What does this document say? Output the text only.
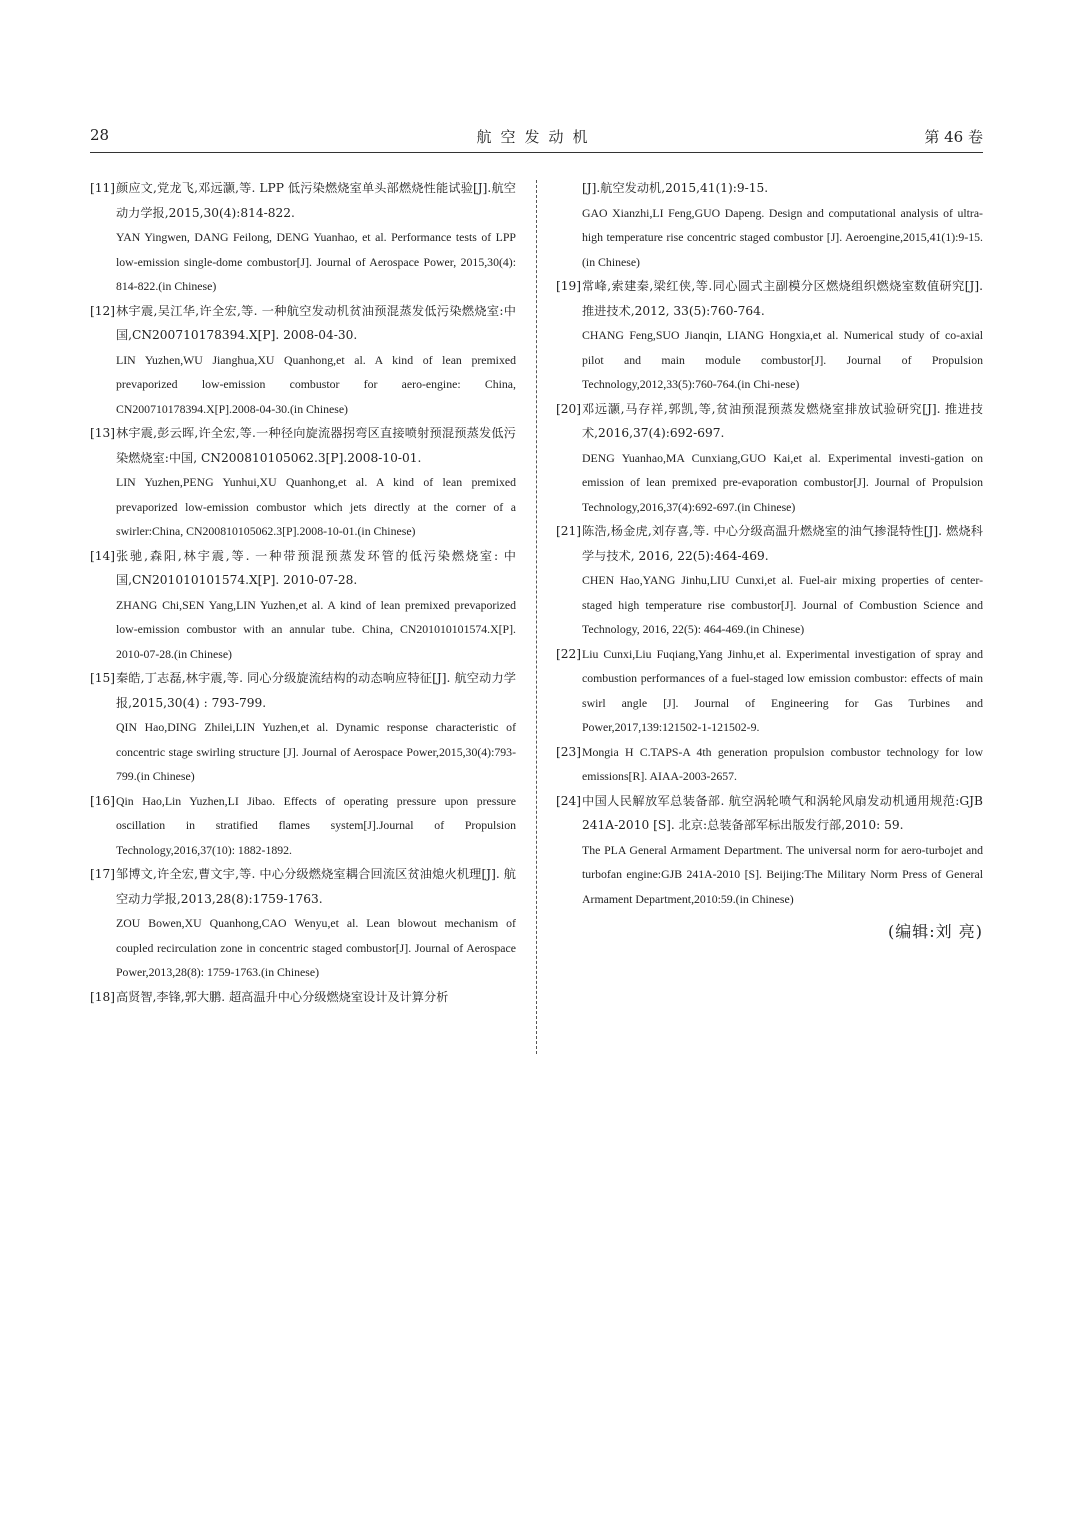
28	航空发动机	第 46 卷
[11] 颜应文,党龙飞,邓远灏,等. LPP 低污染燃烧室单头部燃烧性能试验[J].航空动力学报,2015,30(4):814-822.
YAN Yingwen, DANG Feilong, DENG Yuanhao, et al. Performance tests of LPP low-emission single-dome combustor[J]. Journal of Aerospace Power, 2015,30(4): 814-822.(in Chinese)
[12] 林宇震,吴江华,许全宏,等. 一种航空发动机贫油预混蒸发低污染燃烧室:中国,CN200710178394.X[P]. 2008-04-30.
LIN Yuzhen,WU Jianghua,XU Quanhong,et al. A kind of lean premixed prevaporized low-emission combustor for aero-engine: China, CN200710178394.X[P].2008-04-30.(in Chinese)
[13] 林宇震,彭云晖,许全宏,等.一种径向旋流器拐弯区直接喷射预混预蒸发低污染燃烧室:中国, CN200810105062.3[P].2008-10-01.
LIN Yuzhen,PENG Yunhui,XU Quanhong,et al. A kind of lean premixed prevaporized low-emission combustor which jets directly at the corner of a swirler:China, CN200810105062.3[P].2008-10-01.(in Chinese)
[14] 张驰,森阳,林宇震,等. 一种带预混预蒸发环管的低污染燃烧室: 中国,CN201010101574.X[P]. 2010-07-28.
ZHANG Chi,SEN Yang,LIN Yuzhen,et al. A kind of lean premixed prevaporized low-emission combustor with an annular tube. China, CN201010101574.X[P]. 2010-07-28.(in Chinese)
[15] 秦皓,丁志磊,林宇震,等. 同心分级旋流结构的动态响应特征[J]. 航空动力学报,2015,30(4) : 793-799.
QIN Hao,DING Zhilei,LIN Yuzhen,et al. Dynamic response characteristic of concentric stage swirling structure [J]. Journal of Aerospace Power,2015,30(4):793-799.(in Chinese)
[16] Qin Hao,Lin Yuzhen,LI Jibao. Effects of operating pressure upon pressure oscillation in stratified flames system[J].Journal of Propulsion Technology,2016,37(10): 1882-1892.
[17] 邹博文,许全宏,曹文宇,等. 中心分级燃烧室耦合回流区贫油熄火机理[J]. 航空动力学报,2013,28(8):1759-1763.
ZOU Bowen,XU Quanhong,CAO Wenyu,et al. Lean blowout mechanism of coupled recirculation zone in concentric staged combustor[J]. Journal of Aerospace Power,2013,28(8): 1759-1763.(in Chinese)
[18] 高贤智,李锋,郭大鹏. 超高温升中心分级燃烧室设计及计算分析
[J].航空发动机,2015,41(1):9-15.
GAO Xianzhi,LI Feng,GUO Dapeng. Design and computational analysis of ultra-high temperature rise concentric staged combustor [J]. Aeroengine,2015,41(1):9-15.(in Chinese)
[19] 常峰,索建秦,梁红侠,等.同心圆式主副模分区燃烧组织燃烧室数值研究[J]. 推进技术,2012, 33(5):760-764.
CHANG Feng,SUO Jianqin, LIANG Hongxia,et al. Numerical study of co-axial pilot and main module combustor[J]. Journal of Propulsion Technology,2012,33(5):760-764.(in Chi-nese)
[20] 邓远灏,马存祥,郭凯,等,贫油预混预蒸发燃烧室排放试验研究[J]. 推进技术,2016,37(4):692-697.
DENG Yuanhao,MA Cunxiang,GUO Kai,et al. Experimental investi-gation on emission of lean premixed pre-evaporation combustor[J]. Journal of Propulsion Technology,2016,37(4):692-697.(in Chinese)
[21] 陈浩,杨金虎,刘存喜,等. 中心分级高温升燃烧室的油气掺混特性[J]. 燃烧科学与技术, 2016, 22(5):464-469.
CHEN Hao,YANG Jinhu,LIU Cunxi,et al. Fuel-air mixing properties of center-staged high temperature rise combustor[J]. Journal of Combustion Science and Technology, 2016, 22(5): 464-469.(in Chinese)
[22] Liu Cunxi,Liu Fuqiang,Yang Jinhu,et al. Experimental investigation of spray and combustion performances of a fuel-staged low emission combustor: effects of main swirl angle [J]. Journal of Engineering for Gas Turbines and Power,2017,139:121502-1-121502-9.
[23] Mongia H C.TAPS-A 4th generation propulsion combustor technology for low emissions[R]. AIAA-2003-2657.
[24] 中国人民解放军总装备部. 航空涡轮喷气和涡轮风扇发动机通用规范:GJB 241A-2010 [S]. 北京:总装备部军标出版发行部,2010: 59.
The PLA General Armament Department. The universal norm for aero-turbojet and turbofan engine:GJB 241A-2010 [S]. Beijing:The Military Norm Press of General Armament Department,2010:59.(in Chinese)
(编辑:刘 亮)
